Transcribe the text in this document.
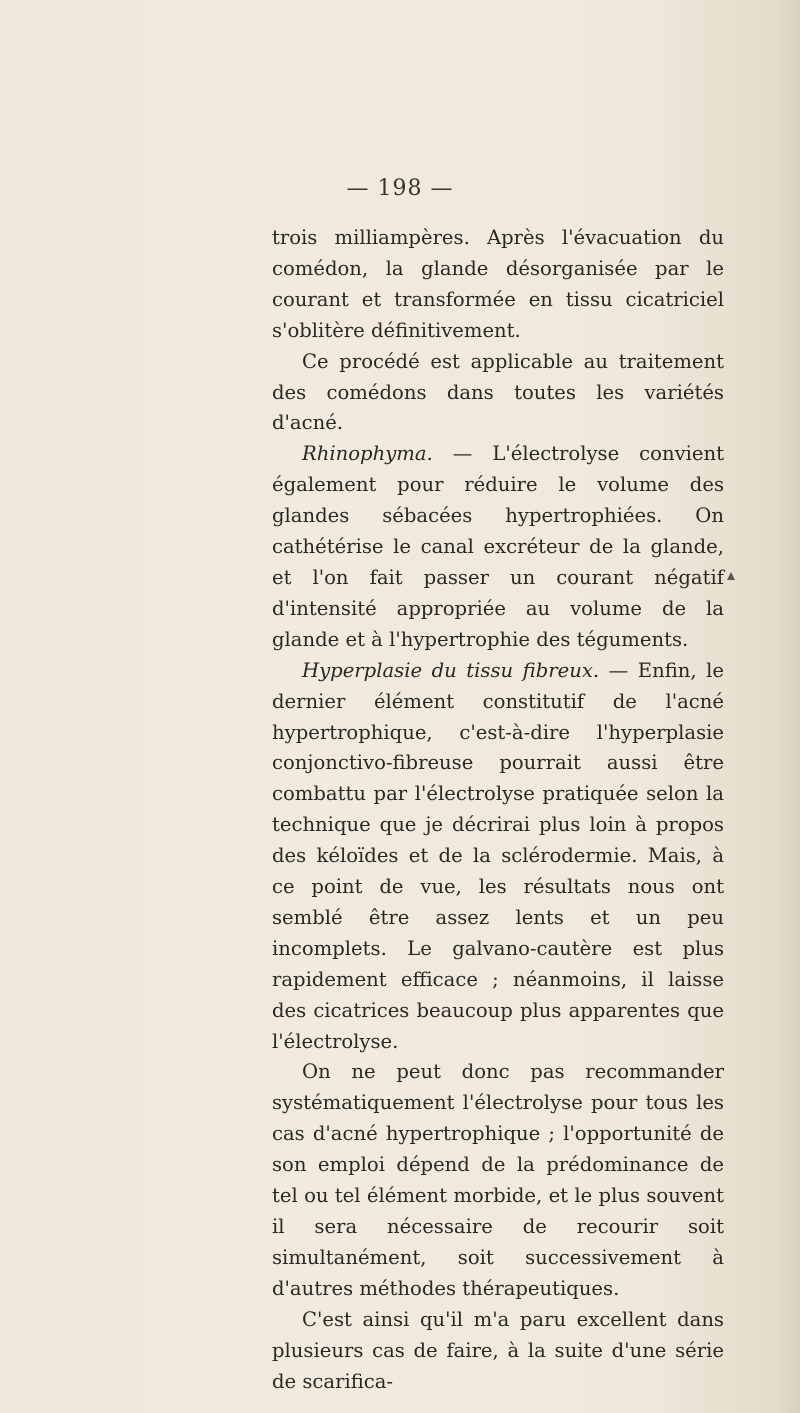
— 198 —

trois milliampères. Après l'évacuation du comédon, la glande désorganisée par le courant et transformée en tissu cicatriciel s'oblitère définitivement.

Ce procédé est applicable au traitement des comédons dans toutes les variétés d'acné.

Rhinophyma. — L'électrolyse convient également pour réduire le volume des glandes sébacées hypertrophiées. On cathétérise le canal excréteur de la glande, et l'on fait passer un courant négatif d'intensité appropriée au volume de la glande et à l'hypertrophie des téguments.

Hyperplasie du tissu fibreux. — Enfin, le dernier élément constitutif de l'acné hypertrophique, c'est-à-dire l'hyperplasie conjonctivo-fibreuse pourrait aussi être combattu par l'électrolyse pratiquée selon la technique que je décrirai plus loin à propos des kéloïdes et de la sclérodermie. Mais, à ce point de vue, les résultats nous ont semblé être assez lents et un peu incomplets. Le galvano-cautère est plus rapidement efficace ; néanmoins, il laisse des cicatrices beaucoup plus apparentes que l'électrolyse.

On ne peut donc pas recommander systématiquement l'électrolyse pour tous les cas d'acné hypertrophique ; l'opportunité de son emploi dépend de la prédominance de tel ou tel élément morbide, et le plus souvent il sera nécessaire de recourir soit simultanément, soit successivement à d'autres méthodes thérapeutiques.

C'est ainsi qu'il m'a paru excellent dans plusieurs cas de faire, à la suite d'une série de scarifica-
